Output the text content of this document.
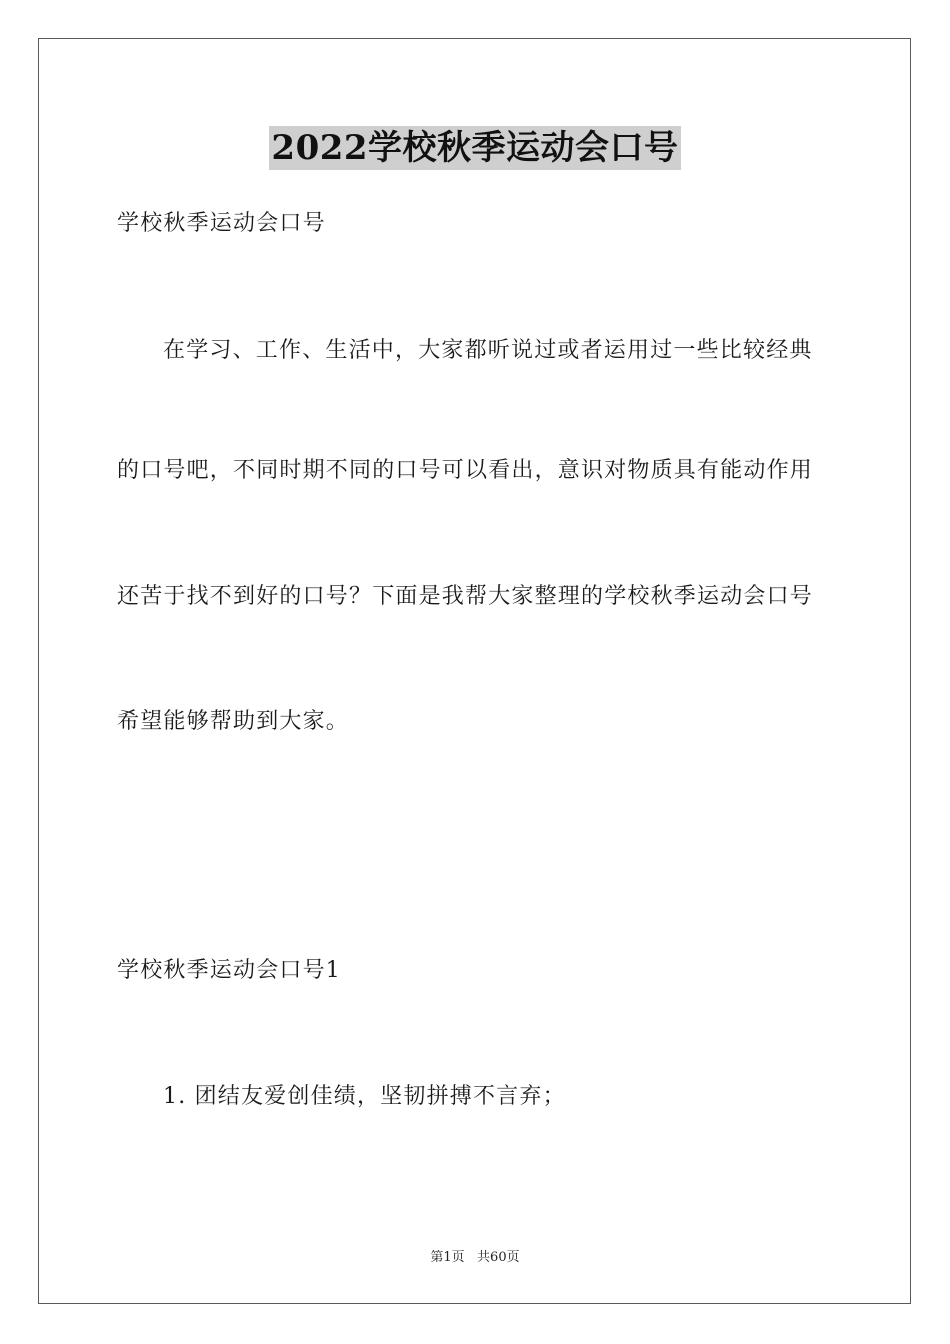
2022学校秋季运动会口号
学校秋季运动会口号
在学习、工作、生活中，大家都听说过或者运用过一些比较经典
的口号吧，不同时期不同的口号可以看出，意识对物质具有能动作用
还苦于找不到好的口号？下面是我帮大家整理的学校秋季运动会口号
希望能够帮助到大家。
学校秋季运动会口号1
1. 团结友爱创佳绩，坚韧拼搏不言弃；
第1页   共60页
